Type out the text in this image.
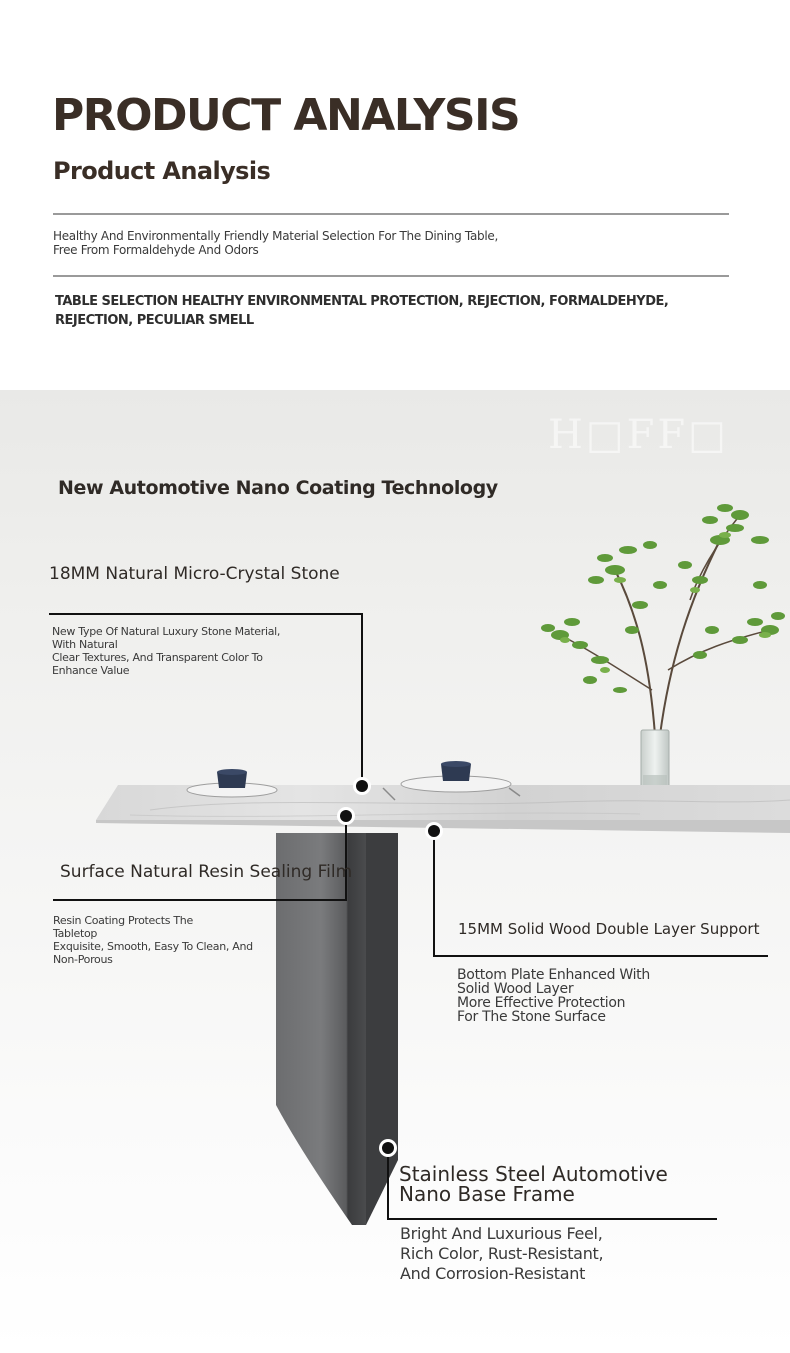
PRODUCT ANALYSIS
Product Analysis
Healthy And Environmentally Friendly Material Selection For The Dining Table,
Free From Formaldehyde And Odors
TABLE SELECTION HEALTHY ENVIRONMENTAL PROTECTION, REJECTION, FORMALDEHYDE, REJECTION, PECULIAR SMELL
H□FF□
New Automotive Nano Coating Technology
18MM Natural Micro-Crystal Stone
New Type Of Natural Luxury Stone Material,
With Natural
Clear Textures, And Transparent Color To
Enhance Value
Surface Natural Resin Sealing Film
Resin Coating Protects The
Tabletop
Exquisite, Smooth, Easy To Clean, And
Non-Porous
15MM Solid Wood Double Layer Support
Bottom Plate Enhanced With
Solid Wood Layer
More Effective Protection
For The Stone Surface
Stainless Steel Automotive
Nano Base Frame
Bright And Luxurious Feel,
Rich Color, Rust-Resistant,
And Corrosion-Resistant
